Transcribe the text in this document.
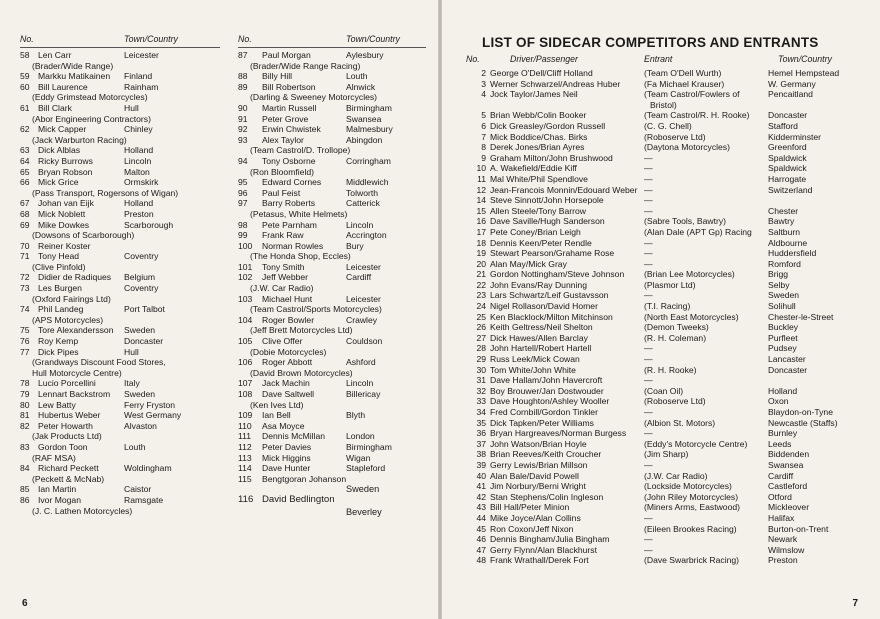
No.	Town/Country
58 Len Carr	Leicester
(Brader/Wide Range)
59 Markku Matikainen Finland
60 Bill Laurence	Rainham
(Eddy Grimstead Motorcycles)
61 Bill Clark	Hull
(Abor Engineering Contractors)
62 Mick Capper	Chinley
(Jack Warburton Racing)
63 Dick Alblas	Holland
64 Ricky Burrows	Lincoln
65 Bryan Robson	Malton
66 Mick Grice	Ormskirk
(Pass Transport, Rogersons of Wigan)
67 Johan van Eijk	Holland
68 Mick Noblett	Preston
69 Mike Dowkes	Scarborough
(Dowsons of Scarborough)
70 Reiner Koster
71 Tony Head	Coventry
(Clive Pinfold)
72 Didier de Radiques Belgium
73 Les Burgen	Coventry
(Oxford Fairings Ltd)
74 Phil Landeg	Port Talbot
(APS Motorcycles)
75 Tore Alexandersson Sweden
76 Roy Kemp	Doncaster
77 Dick Pipes	Hull
(Grandways Discount Food Stores,
Hull Motorcycle Centre)
78 Lucio Porcellini	Italy
79 Lennart Backstrom Sweden
80 Lew Batty	Ferry Fryston
81 Hubertus Weber	West Germany
82 Peter Howarth	Alvaston
(Jak Products Ltd)
83 Gordon Toon	Louth
(RAF MSA)
84 Richard Peckett	Woldingham
(Peckett & McNab)
85 Ian Martin	Caistor
86 Ivor Mogan	Ramsgate
(J. C. Lathen Motorcycles)
No.	Town/Country
87 Paul Morgan	Aylesbury
(Brader/Wide Range Racing)
88 Billy Hill	Louth
89 Bill Robertson	Alnwick
(Darling & Sweeney Motorcycles)
90 Martin Russell	Birmingham
91 Peter Grove	Swansea
92 Erwin Chwistek	Malmesbury
93 Alex Taylor	Abingdon
(Team Castrol/D. Trollope)
94 Tony Osborne	Corringham
(Ron Bloomfield)
95 Edward Cornes	Middlewich
96 Paul Feist	Tolworth
97 Barry Roberts	Catterick
(Petasus, White Helmets)
98 Pete Parnham	Lincoln
99 Frank Raw	Accrington
100 Norman Rowles	Bury
(The Honda Shop, Eccles)
101 Tony Smith	Leicester
102 Jeff Webber	Cardiff
(J.W. Car Radio)
103 Michael Hunt	Leicester
(Team Castrol/Sports Motorcycles)
104 Roger Bowler	Crawley
(Jeff Brett Motorcycles Ltd)
105 Clive Offer	Couldson
(Dobie Motorcycles)
106 Roger Abbott	Ashford
(David Brown Motorcycles)
107 Jack Machin	Lincoln
108 Dave Saltwell	Billericay
(Ken Ives Ltd)
109 Ian Bell	Blyth
110 Asa Moyce
111 Dennis McMillan London
112 Peter Davies	Birmingham
113 Mick Higgins	Wigan
114 Dave Hunter	Stapleford
115 Bengtgoran Johanson
Sweden
116 David Bedlington
Beverley
6
LIST OF SIDECAR COMPETITORS AND ENTRANTS
No.	Driver/Passenger	Entrant	Town/Country
2 George O'Dell/Cliff Holland	(Team O'Dell Wurth)	Hemel Hempstead
3 Werner Schwarzel/Andreas Huber	(Fa Michael Krauser)	W. Germany
4 Jock Taylor/James Neil	(Team Castrol/Fowlers of	Pencaitland
Bristol)
5 Brian Webb/Colin Booker	(Team Castrol/R. H. Rooke) Doncaster
6 Dick Greasley/Gordon Russell	(C. G. Chell)	Stafford
7 Mick Boddice/Chas. Birks	(Roboserve Ltd)	Kidderminster
8 Derek Jones/Brian Ayres	(Daytona Motorcycles)	Greenford
9 Graham Milton/John Brushwood	—	Spaldwick
10 A. Wakefield/Eddie Kiff	—	Spaldwick
11 Mal White/Phil Spendlove	—	Harrogate
12 Jean-Francois Monnin/Edouard Weber —	Switzerland
14 Steve Sinnott/John Horsepole	—
15 Allen Steele/Tony Barrow	—	Chester
16 Dave Saville/Hugh Sanderson	(Sabre Tools, Bawtry)	Bawtry
17 Pete Coney/Brian Leigh	(Alan Dale (APT Gp) Racing Saltburn
18 Dennis Keen/Peter Rendle	—	Aldbourne
19 Stewart Pearson/Grahame Rose	—	Huddersfield
20 Alan May/Mick Gray	—	Romford
21 Gordon Nottingham/Steve Johnson (Brian Lee Motorcycles)	Brigg
22 John Evans/Ray Dunning	(Plasmor Ltd)	Selby
23 Lars Schwartz/Leif Gustavsson	—	Sweden
24 Nigel Rollason/David Homer	(T.I. Racing)	Solihull
25 Ken Blacklock/Milton Mitchinson	(North East Motorcycles)	Chester-le-Street
26 Keith Geltress/Neil Shelton	(Demon Tweeks)	Buckley
27 Dick Hawes/Allen Barclay	(R. H. Coleman)	Purfleet
28 John Hartell/Robert Hartell	—	Pudsey
29 Russ Leek/Mick Cowan	—	Lancaster
30 Tom White/John White	(R. H. Rooke)	Doncaster
31 Dave Hallam/John Havercroft	—
32 Boy Brouwer/Jan Dostwouder	(Coan Oil)	Holland
33 Dave Houghton/Ashley Wooller	(Roboserve Ltd)	Oxon
34 Fred Cornbill/Gordon Tinkler	—	Blaydon-on-Tyne
35 Dick Tapken/Peter Williams	(Albion St. Motors)	Newcastle (Staffs)
36 Bryan Hargreaves/Norman Burgess —	Burnley
37 John Watson/Brian Hoyle	(Eddy's Motorcycle Centre) Leeds
38 Brian Reeves/Keith Croucher	(Jim Sharp)	Biddenden
39 Gerry Lewis/Brian Millson	—	Swansea
40 Alan Bale/David Powell	(J.W. Car Radio)	Cardiff
41 Jim Norbury/Berni Wright	(Lockside Motorcycles)	Castleford
42 Stan Stephens/Colin Ingleson	(John Riley Motorcycles)	Otford
43 Bill Hall/Peter Minion	(Miners Arms, Eastwood)	Mickleover
44 Mike Joyce/Alan Collins	—	Halifax
45 Ron Coxon/Jeff Nixon	(Eileen Brookes Racing)	Burton-on-Trent
46 Dennis Bingham/Julia Bingham	—	Newark
47 Gerry Flynn/Alan Blackhurst	—	Wilmslow
48 Frank Wrathall/Derek Fort	(Dave Swarbrick Racing)	Preston
7
